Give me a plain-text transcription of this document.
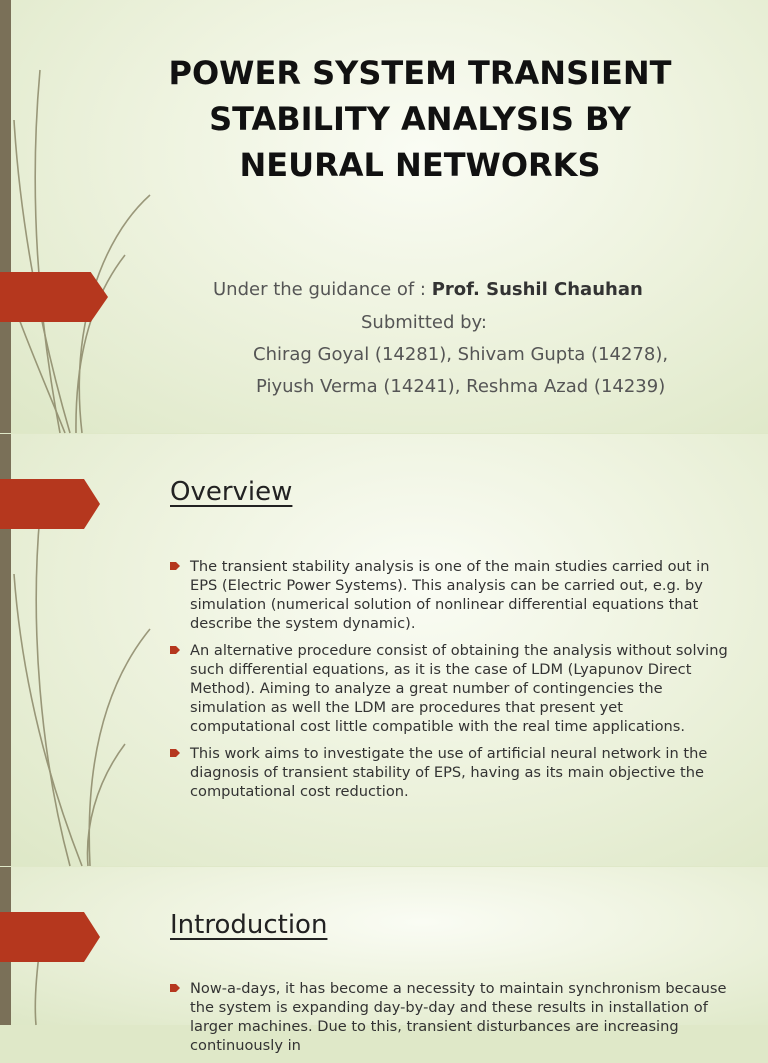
POWER SYSTEM TRANSIENT
STABILITY ANALYSIS BY
NEURAL NETWORKS
Under the guidance of : Prof. Sushil Chauhan
Submitted by:
Chirag Goyal (14281), Shivam Gupta (14278),
Piyush Verma (14241), Reshma Azad (14239)
Overview
The transient stability analysis is one of the main studies carried out in EPS (Electric Power Systems). This analysis can be carried out, e.g. by simulation (numerical solution of nonlinear differential equations that describe the system dynamic).
An alternative procedure consist of obtaining the analysis without solving such differential equations, as it is the case of LDM (Lyapunov Direct Method). Aiming to analyze a great number of contingencies the simulation as well the LDM are procedures that present yet computational cost little compatible with the real time applications.
This work aims to investigate the use of artificial neural network in the diagnosis of transient stability of EPS, having as its main objective the computational cost reduction.
Introduction
Now-a-days, it has become a necessity to maintain synchronism because the system is expanding day-by-day and these results in installation of larger machines. Due to this, transient disturbances are increasing continuously in
